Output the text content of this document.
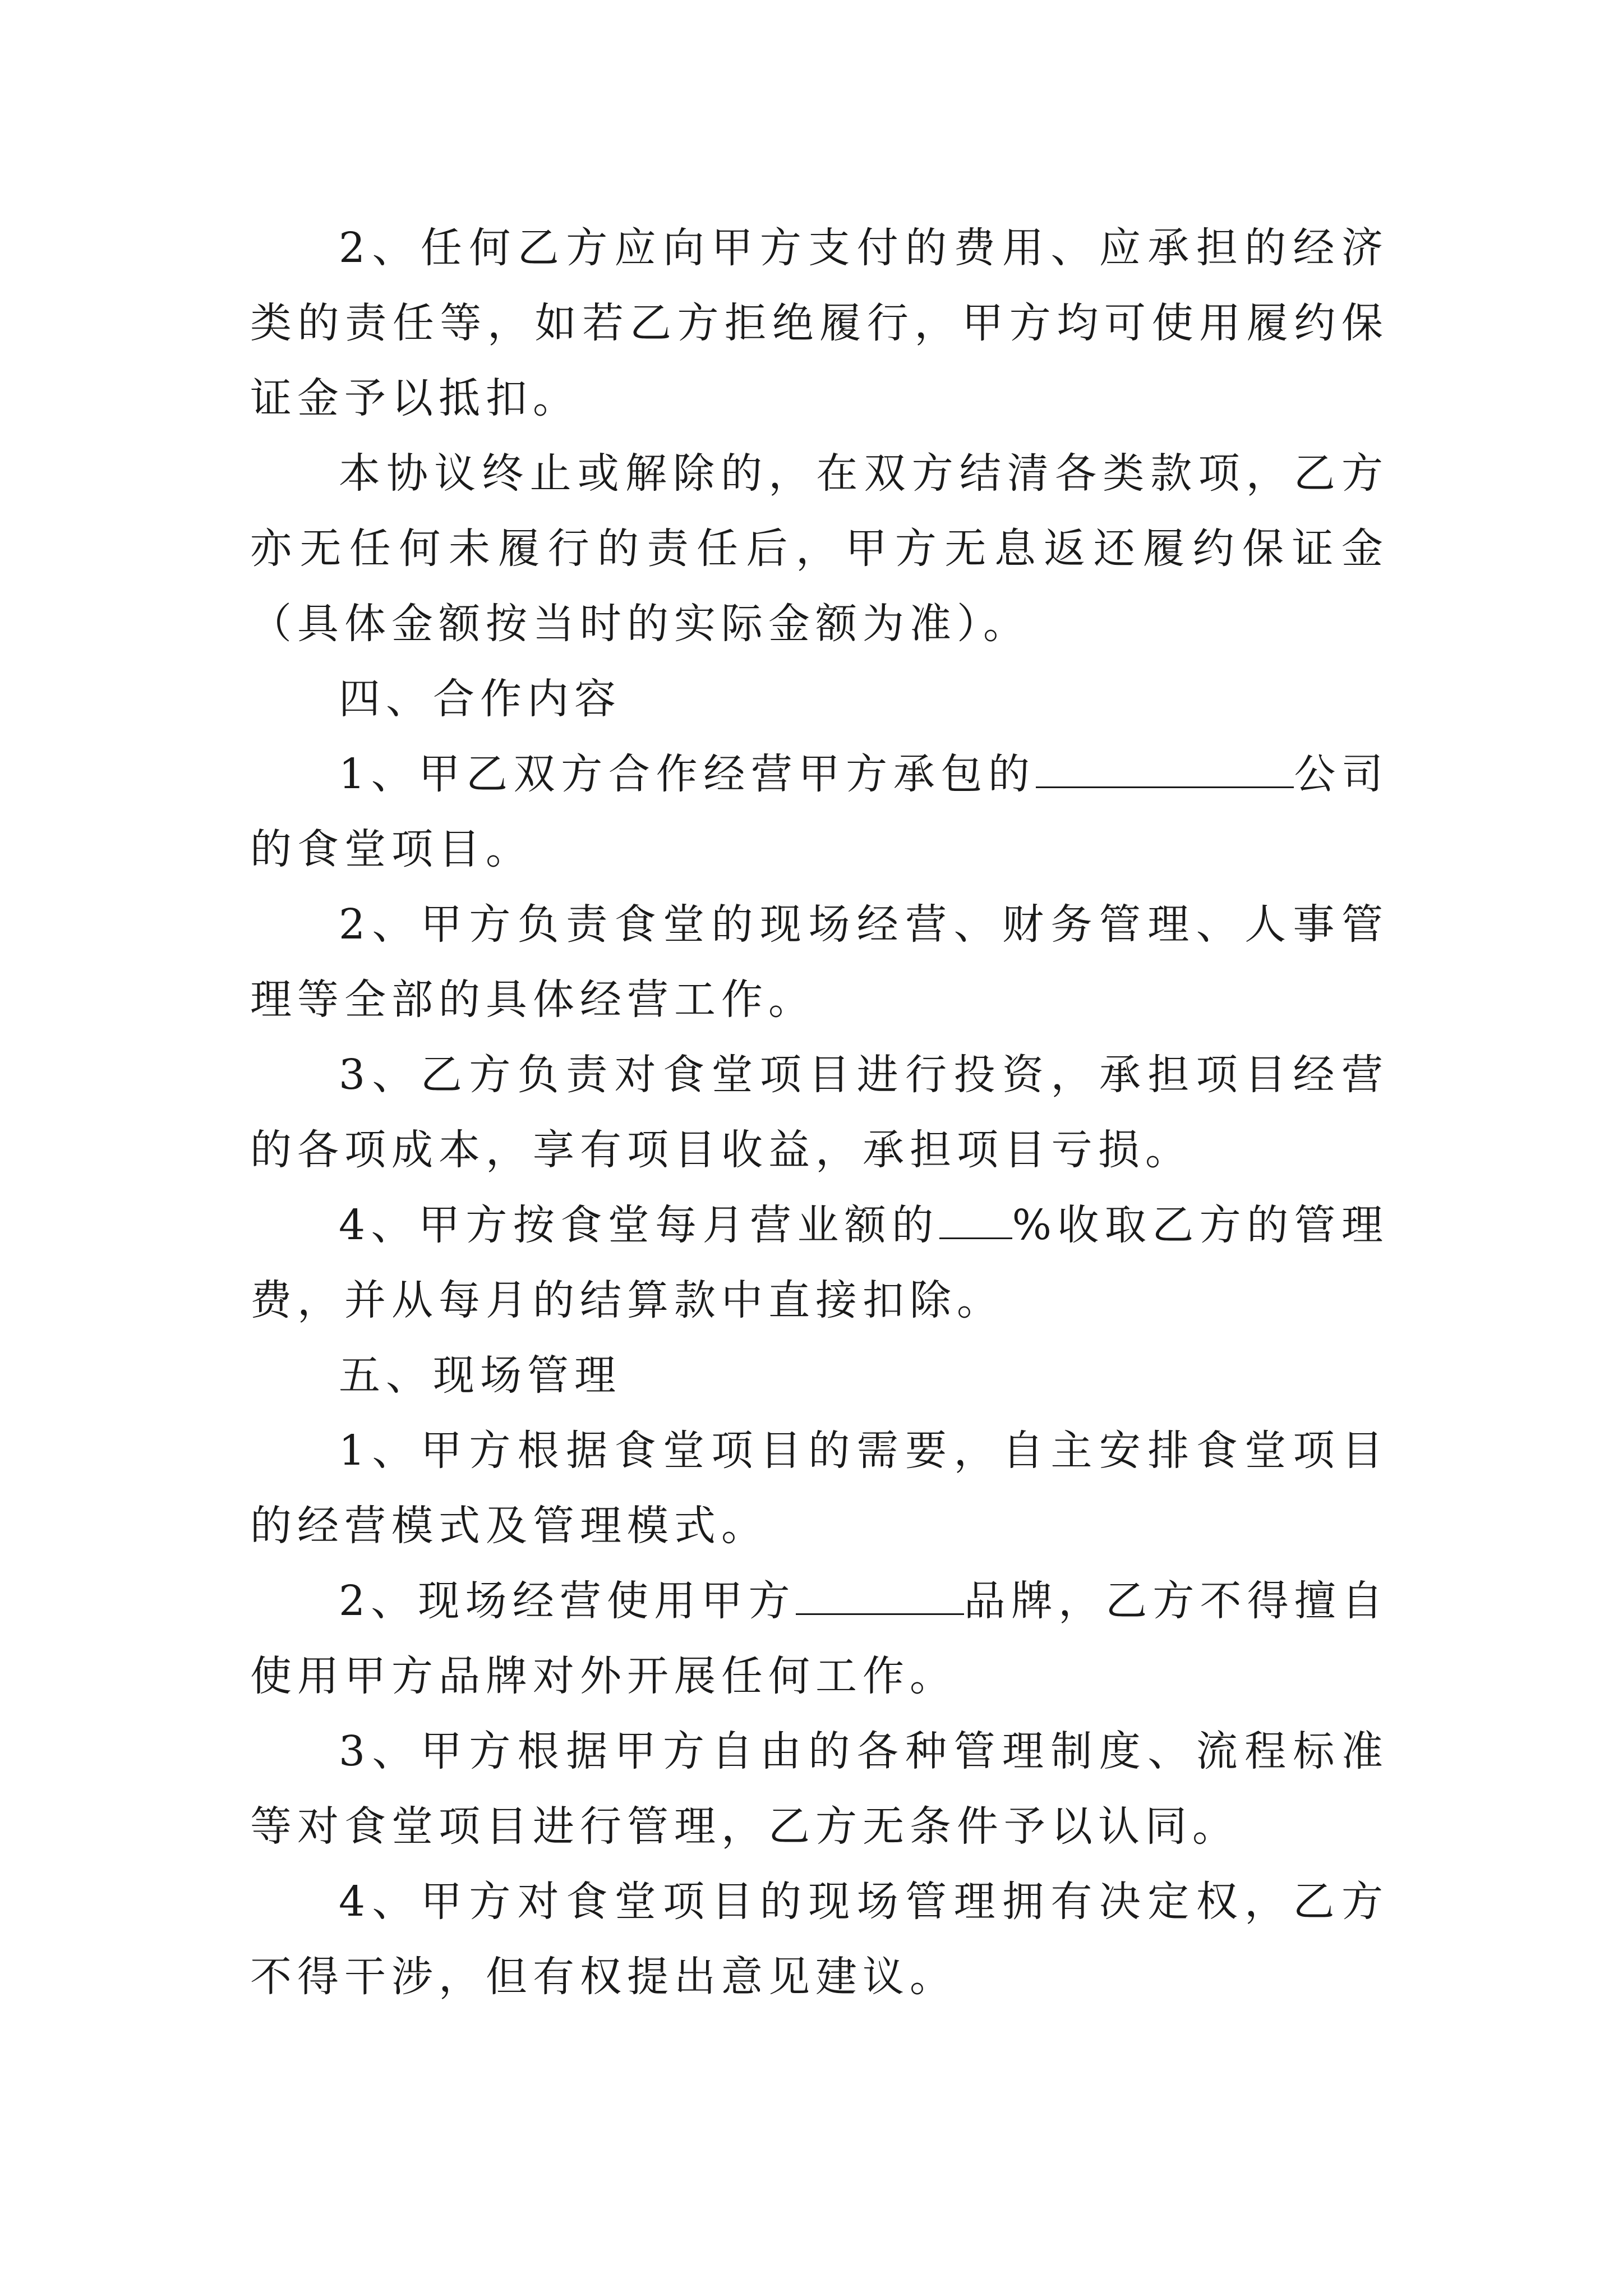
2、任何乙方应向甲方支付的费用、应承担的经济类的责任等，如若乙方拒绝履行，甲方均可使用履约保证金予以抵扣。

本协议终止或解除的，在双方结清各类款项，乙方亦无任何未履行的责任后，甲方无息返还履约保证金（具体金额按当时的实际金额为准）。

四、合作内容

1、甲乙双方合作经营甲方承包的	公司的食堂项目。

2、甲方负责食堂的现场经营、财务管理、人事管理等全部的具体经营工作。

3、乙方负责对食堂项目进行投资，承担项目经营的各项成本，享有项目收益，承担项目亏损。

4、甲方按食堂每月营业额的 %收取乙方的管理费，并从每月的结算款中直接扣除。

五、现场管理

1、甲方根据食堂项目的需要，自主安排食堂项目的经营模式及管理模式。

2、现场经营使用甲方	品牌，乙方不得擅自使用甲方品牌对外开展任何工作。

3、甲方根据甲方自由的各种管理制度、流程标准等对食堂项目进行管理，乙方无条件予以认同。

4、甲方对食堂项目的现场管理拥有决定权，乙方不得干涉，但有权提出意见建议。
